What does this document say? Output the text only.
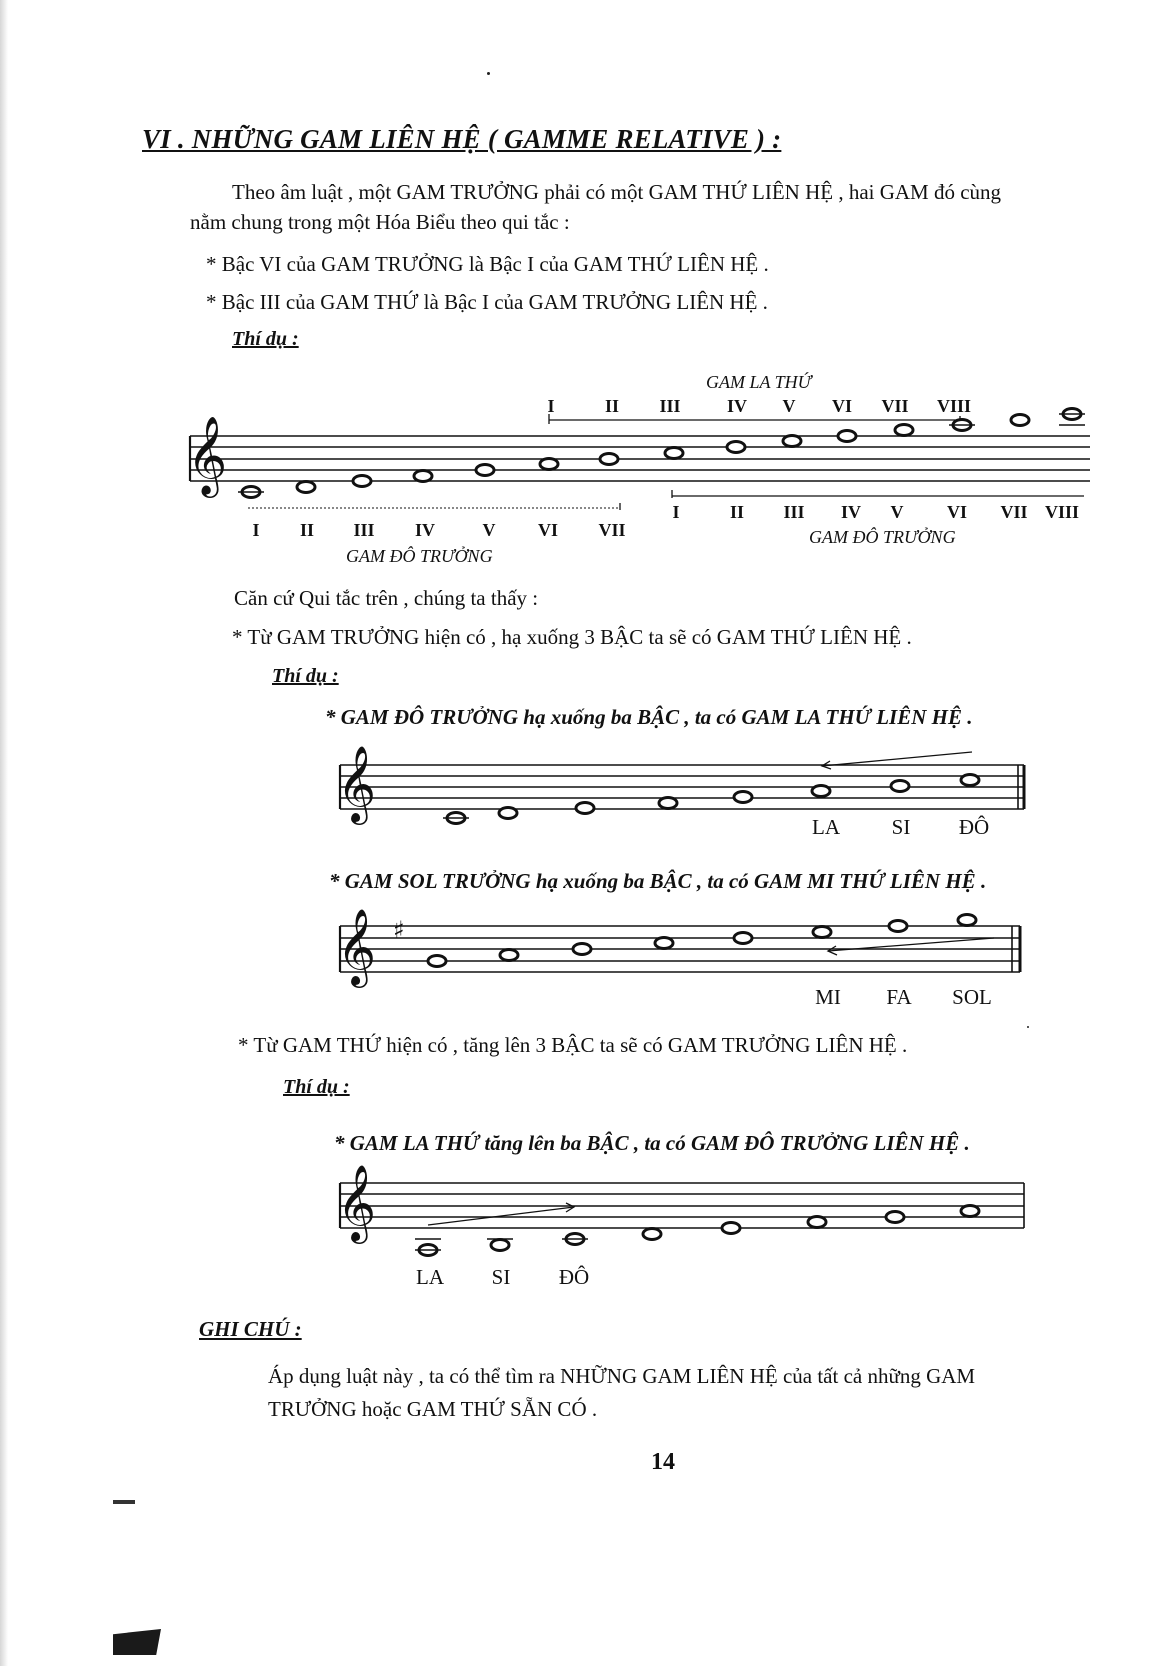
VI . NHỮNG GAM LIÊN HỆ ( GAMME RELATIVE ) :
Theo âm luật , một GAM TRƯỞNG phải có một GAM THỨ LIÊN HỆ , hai GAM đó cùng
nằm chung trong một Hóa Biểu theo qui tắc :
* Bậc VI của GAM TRƯỞNG là Bậc I của GAM THỨ LIÊN HỆ .
* Bậc III của GAM THỨ là Bậc I của GAM TRƯỞNG LIÊN HỆ .
Thí dụ :
𝄞
I	II III	IV V VI VII VIII
I II III IV	V VI VII
I	II III IV V VI VII VIII
GAM LA THỨ
GAM ĐÔ TRƯỞNG
GAM ĐÔ TRƯỞNG
Căn cứ Qui tắc trên , chúng ta thấy :
* Từ GAM TRƯỞNG hiện có , hạ xuống 3 BẬC ta sẽ có GAM THỨ LIÊN HỆ .
Thí dụ :
* GAM ĐÔ TRƯỞNG hạ xuống ba BẬC , ta có GAM LA THỨ LIÊN HỆ .
𝄞
LA SI ĐÔ
* GAM SOL TRƯỞNG hạ xuống ba BẬC , ta có GAM MI THỨ LIÊN HỆ .
𝄞 ♯
MI FA SOL
* Từ GAM THỨ hiện có , tăng lên 3 BẬC ta sẽ có GAM TRƯỞNG LIÊN HỆ .
Thí dụ :
* GAM LA THỨ tăng lên ba BẬC , ta có GAM ĐÔ TRƯỞNG LIÊN HỆ .
𝄞
LA SI ĐÔ
GHI CHÚ :
Áp dụng luật này , ta có thể tìm ra NHỮNG GAM LIÊN HỆ của tất cả những GAM
TRƯỞNG hoặc GAM THỨ SẴN CÓ .
14
